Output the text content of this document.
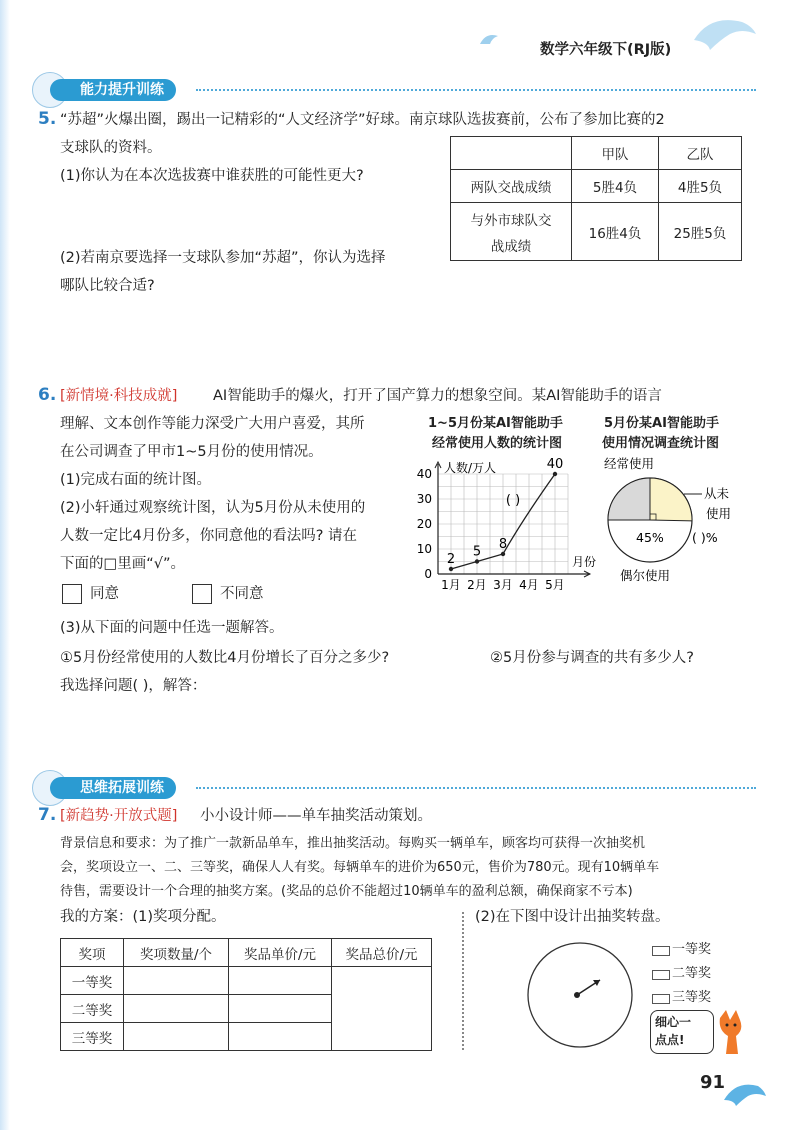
数学六年级下(RJ版)
能力提升训练
5. “苏超”火爆出圈，踢出一记精彩的“人文经济学”好球。南京球队选拔赛前，公布了参加比赛的2
支球队的资料。
(1)你认为在本次选拔赛中谁获胜的可能性更大?
(2)若南京要选择一支球队参加“苏超”，你认为选择
哪队比较合适?
	甲队	乙队
两队交战成绩	5胜4负	4胜5负

与外市球队交
战成绩	16胜4负	25胜5负
6. [新情境·科技成就] AI智能助手的爆火，打开了国产算力的想象空间。某AI智能助手的语言
理解、文本创作等能力深受广大用户喜爱，其所
在公司调查了甲市1~5月份的使用情况。
(1)完成右面的统计图。
(2)小轩通过观察统计图，认为5月份从未使用的
人数一定比4月份多，你同意他的看法吗? 请在
下面的□里画“√”。
同意	不同意
(3)从下面的问题中任选一题解答。
①5月份经常使用的人数比4月份增长了百分之多少?	②5月份参与调查的共有多少人?
我选择问题( )，解答：
1~5月份某AI智能助手
经常使用人数的统计图
0
10
20
30
40 人数/万人
月份
1月 2月 3月 4月 5月
2 5 8
( )
40
5月份某AI智能助手
使用情况调查统计图
经常使用
从未
使用
45% ( )%
偶尔使用
思维拓展训练
7. [新趋势·开放式题] 小小设计师——单车抽奖活动策划。
背景信息和要求：为了推广一款新品单车，推出抽奖活动。每购买一辆单车，顾客均可获得一次抽奖机
会，奖项设立一、二、三等奖，确保人人有奖。每辆单车的进价为650元，售价为780元。现有10辆单车
待售，需要设计一个合理的抽奖方案。(奖品的总价不能超过10辆单车的盈利总额，确保商家不亏本)
我的方案：(1)奖项分配。	(2)在下图中设计出抽奖转盘。
奖项	奖项数量/个	奖品单价/元	奖品总价/元
一等奖			
二等奖			
三等奖			
一等奖
二等奖
三等奖
细心一
点点!
91
